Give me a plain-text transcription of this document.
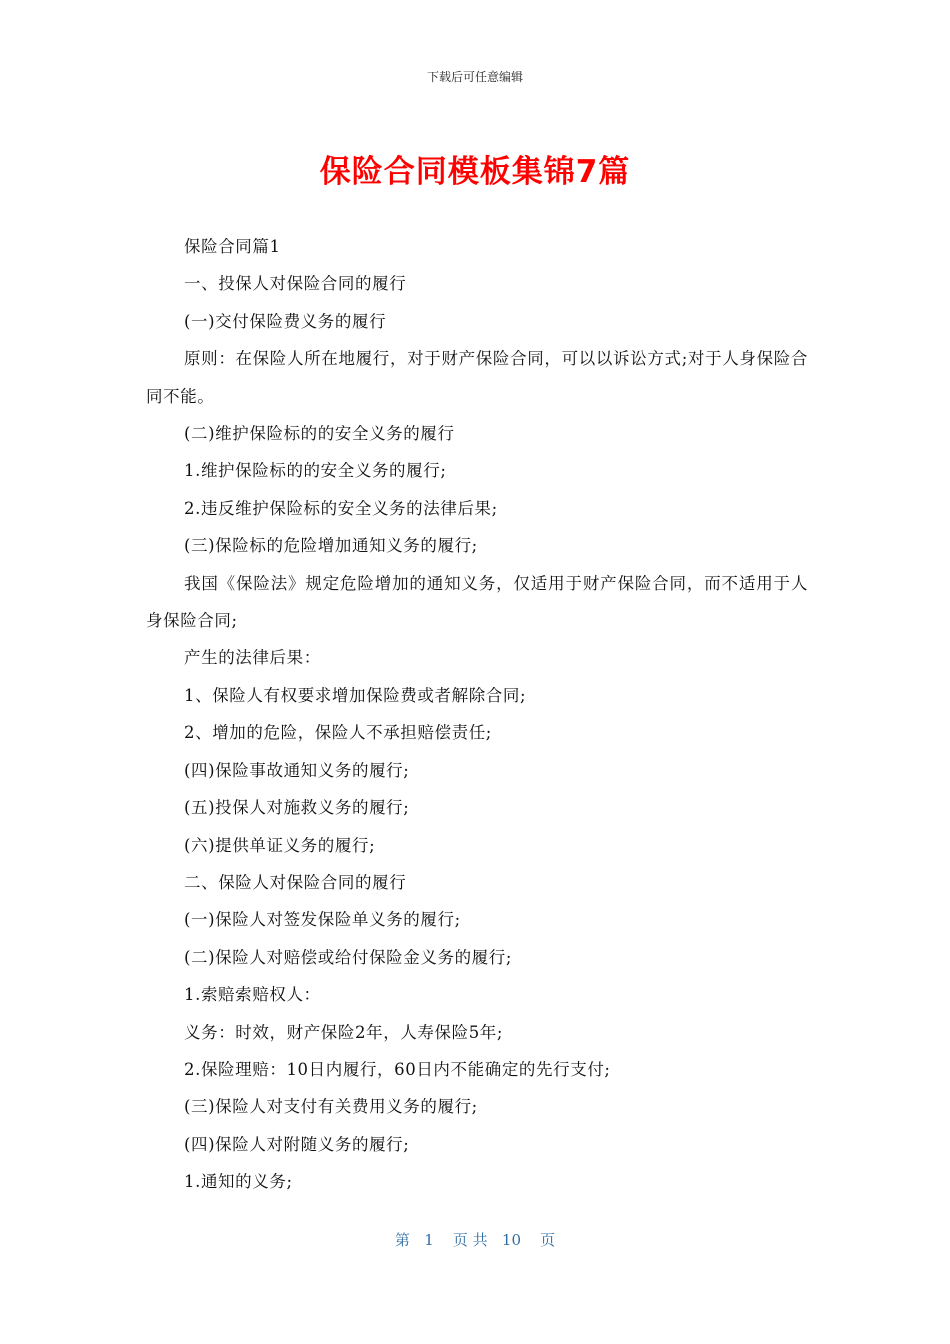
下载后可任意编辑
保险合同模板集锦7篇

保险合同篇1

一、投保人对保险合同的履行

(一)交付保险费义务的履行

原则：在保险人所在地履行，对于财产保险合同，可以以诉讼方式;对于人身保险合同不能。

(二)维护保险标的的安全义务的履行

1.维护保险标的的安全义务的履行;

2.违反维护保险标的安全义务的法律后果;

(三)保险标的危险增加通知义务的履行;

我国《保险法》规定危险增加的通知义务，仅适用于财产保险合同，而不适用于人身保险合同;

产生的法律后果：

1、保险人有权要求增加保险费或者解除合同;

2、增加的危险，保险人不承担赔偿责任;

(四)保险事故通知义务的履行;

(五)投保人对施救义务的履行;

(六)提供单证义务的履行;

二、保险人对保险合同的履行

(一)保险人对签发保险单义务的履行;

(二)保险人对赔偿或给付保险金义务的履行;

1.索赔索赔权人：

义务：时效，财产保险2年，人寿保险5年;

2.保险理赔：10日内履行，60日内不能确定的先行支付;

(三)保险人对支付有关费用义务的履行;

(四)保险人对附随义务的履行;

1.通知的义务;

第   1    页 共   10    页
